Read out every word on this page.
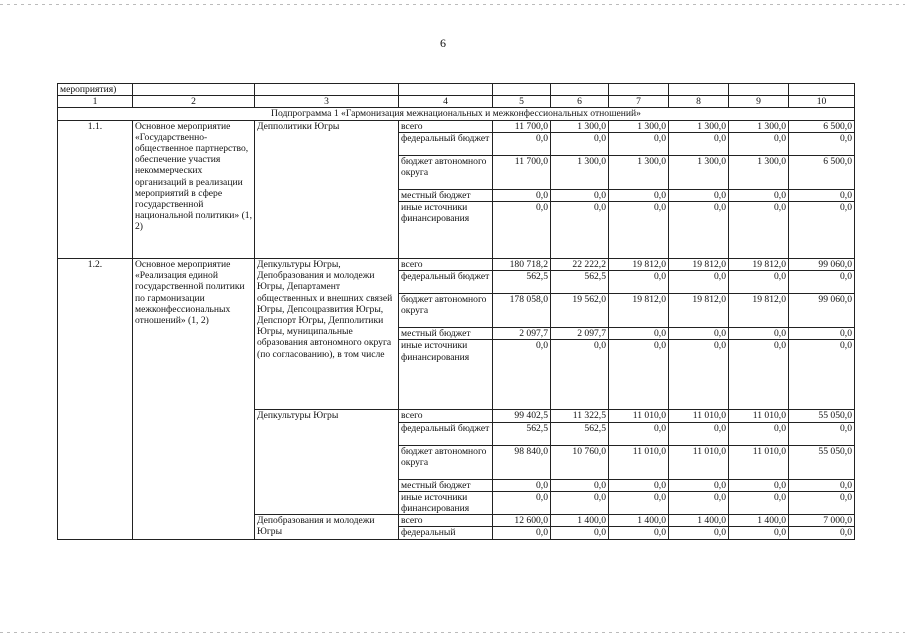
6
мероприятия)									
1	2	3	4	5	6	7	8	9	10
Подпрограмма 1 «Гармонизация межнациональных и межконфессиональных отношений»									
1.1.	Основное мероприятие «Государственно-общественное партнерство, обеспечение участия некоммерческих организаций в реализации мероприятий в сфере государственной национальной политики» (1, 2)	Депполитики Югры	всего	11 700,0	1 300,0	1 300,0	1 300,0	1 300,0	6 500,0
			федеральный бюджет	0,0	0,0	0,0	0,0	0,0	0,0
			бюджет автономного округа	11 700,0	1 300,0	1 300,0	1 300,0	1 300,0	6 500,0
			местный бюджет	0,0	0,0	0,0	0,0	0,0	0,0
			иные источники финансирования	0,0	0,0	0,0	0,0	0,0	0,0
1.2.	Основное мероприятие «Реализация единой государственной политики по гармонизации межконфессиональных отношений» (1, 2)	Депкультуры Югры, Депобразования и молодежи Югры, Департамент общественных и внешних связей Югры, Депсоцразвития Югры, Депспорт Югры, Депполитики Югры, муниципальные образования автономного округа (по согласованию), в том числе	всего	180 718,2	22 222,2	19 812,0	19 812,0	19 812,0	99 060,0
			федеральный бюджет	562,5	562,5	0,0	0,0	0,0	0,0
			бюджет автономного округа	178 058,0	19 562,0	19 812,0	19 812,0	19 812,0	99 060,0
			местный бюджет	2 097,7	2 097,7	0,0	0,0	0,0	0,0
			иные источники финансирования	0,0	0,0	0,0	0,0	0,0	0,0
		Депкультуры Югры	всего	99 402,5	11 322,5	11 010,0	11 010,0	11 010,0	55 050,0
			федеральный бюджет	562,5	562,5	0,0	0,0	0,0	0,0
			бюджет автономного округа	98 840,0	10 760,0	11 010,0	11 010,0	11 010,0	55 050,0
			местный бюджет	0,0	0,0	0,0	0,0	0,0	0,0
			иные источники финансирования	0,0	0,0	0,0	0,0	0,0	0,0
		Депобразования и молодежи Югры	всего	12 600,0	1 400,0	1 400,0	1 400,0	1 400,0	7 000,0
			федеральный	0,0	0,0	0,0	0,0	0,0	0,0
